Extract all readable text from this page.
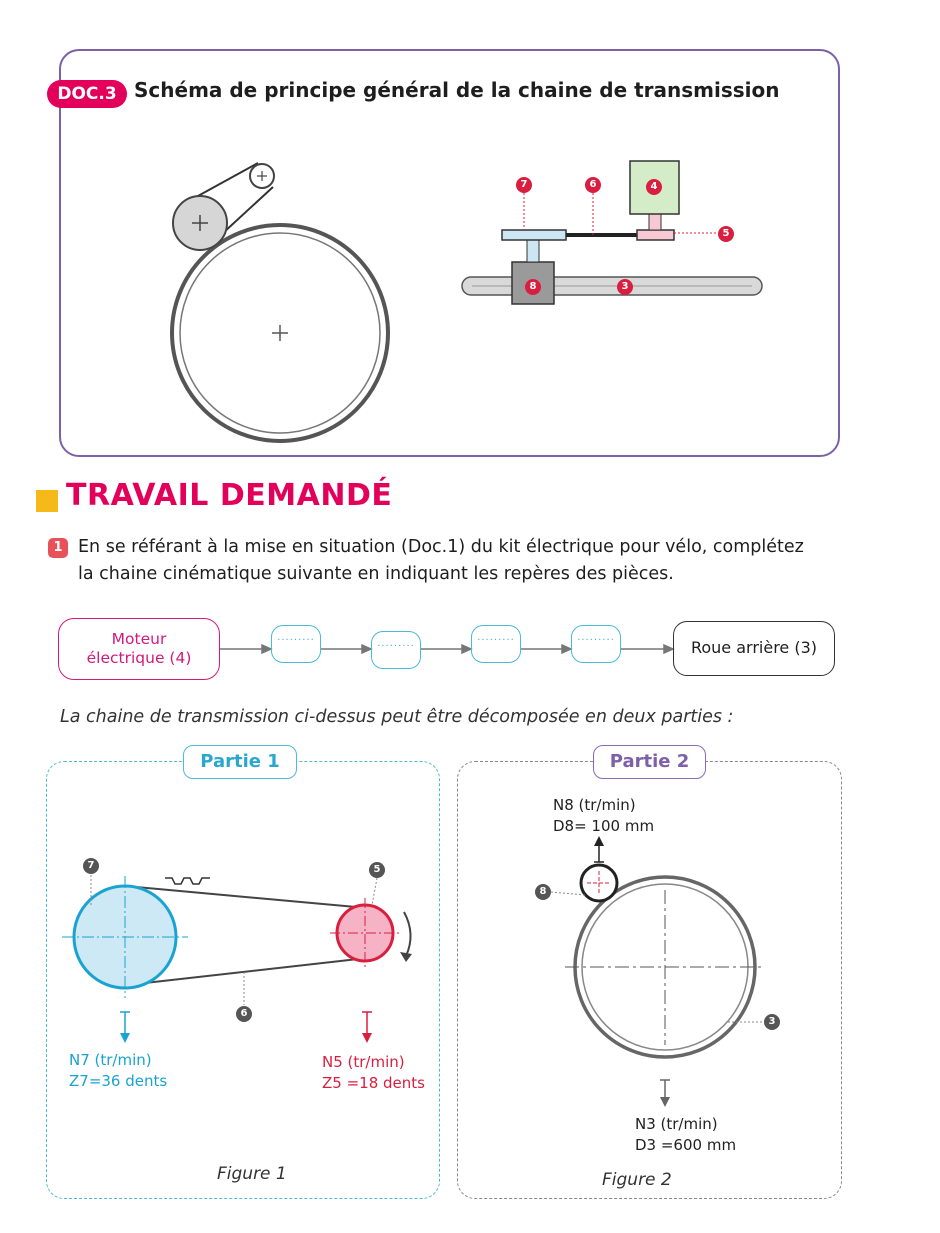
DOC.3 Schéma de principe général de la chaine de transmission
7	6	4
5
8	3
TRAVAIL DEMANDÉ
1 En se référant à la mise en situation (Doc.1) du kit électrique pour vélo, complétez
la chaine cinématique suivante en indiquant les repères des pièces.
Moteur
électrique (4)
.........
.........
.........	.........
Roue arrière (3)
La chaine de transmission ci-dessus peut être décomposée en deux parties :
Partie 1	Partie 2
7	5
6
N7 (tr/min)
Z7=36 dents
N5 (tr/min)
Z5 =18 dents
Figure 1
N8 (tr/min)
D8= 100 mm
8
3
N3 (tr/min)
D3 =600 mm
Figure 2
